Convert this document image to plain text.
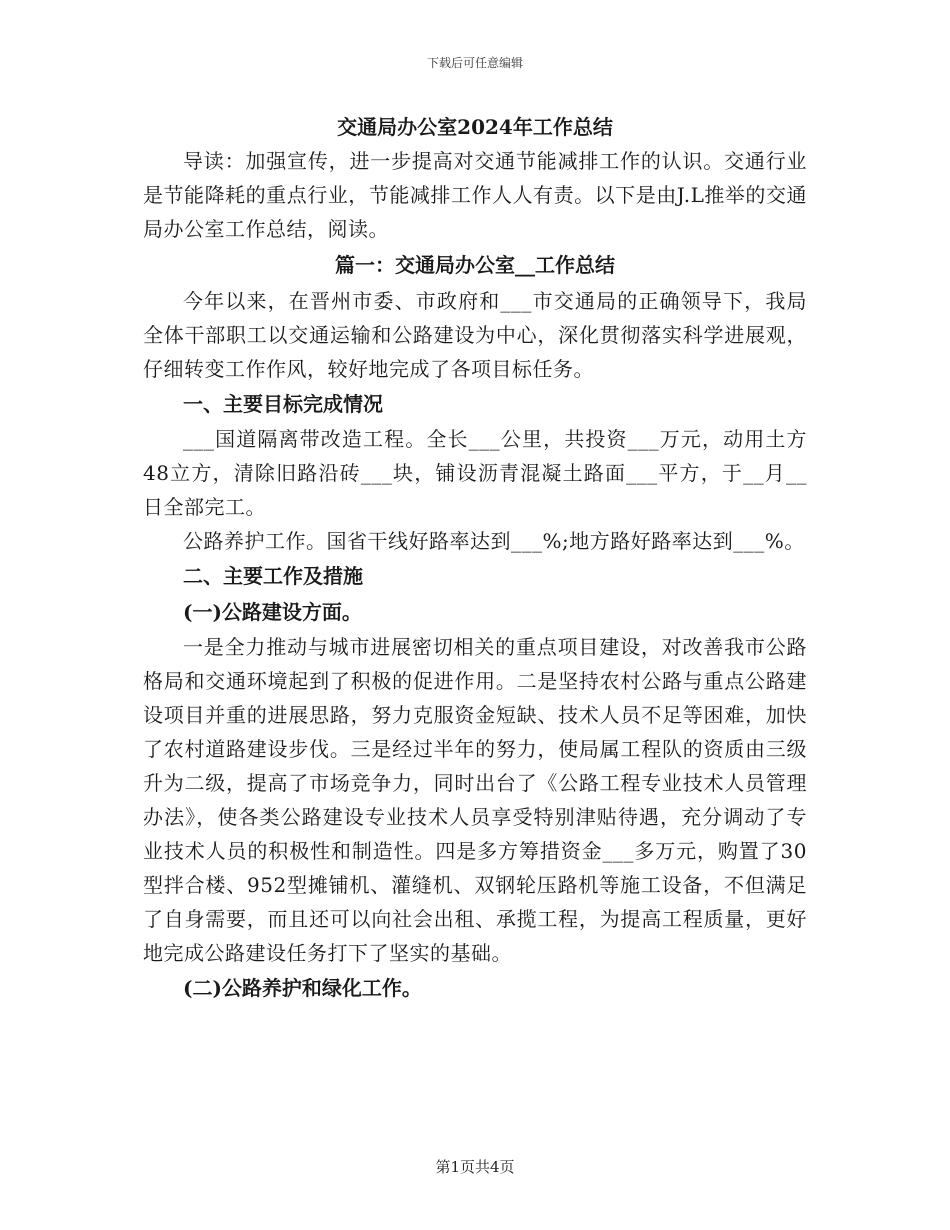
下载后可任意编辑
交通局办公室2024年工作总结

导读：加强宣传，进一步提高对交通节能减排工作的认识。交通行业是节能降耗的重点行业，节能减排工作人人有责。以下是由J.L推举的交通局办公室工作总结，阅读。

篇一：交通局办公室__工作总结

今年以来，在晋州市委、市政府和___市交通局的正确领导下，我局全体干部职工以交通运输和公路建设为中心，深化贯彻落实科学进展观，仔细转变工作作风，较好地完成了各项目标任务。

一、主要目标完成情况

___国道隔离带改造工程。全长___公里，共投资___万元，动用土方48立方，清除旧路沿砖___块，铺设沥青混凝土路面___平方，于__月__日全部完工。

公路养护工作。国省干线好路率达到___%;地方路好路率达到___%。

二、主要工作及措施
(一)公路建设方面。

一是全力推动与城市进展密切相关的重点项目建设，对改善我市公路格局和交通环境起到了积极的促进作用。二是坚持农村公路与重点公路建设项目并重的进展思路，努力克服资金短缺、技术人员不足等困难，加快了农村道路建设步伐。三是经过半年的努力，使局属工程队的资质由三级升为二级，提高了市场竞争力，同时出台了《公路工程专业技术人员管理办法》，使各类公路建设专业技术人员享受特别津贴待遇，充分调动了专业技术人员的积极性和制造性。四是多方筹措资金___多万元，购置了30型拌合楼、952型摊铺机、灌缝机、双钢轮压路机等施工设备，不但满足了自身需要，而且还可以向社会出租、承揽工程，为提高工程质量，更好地完成公路建设任务打下了坚实的基础。

(二)公路养护和绿化工作。
第1页共4页
